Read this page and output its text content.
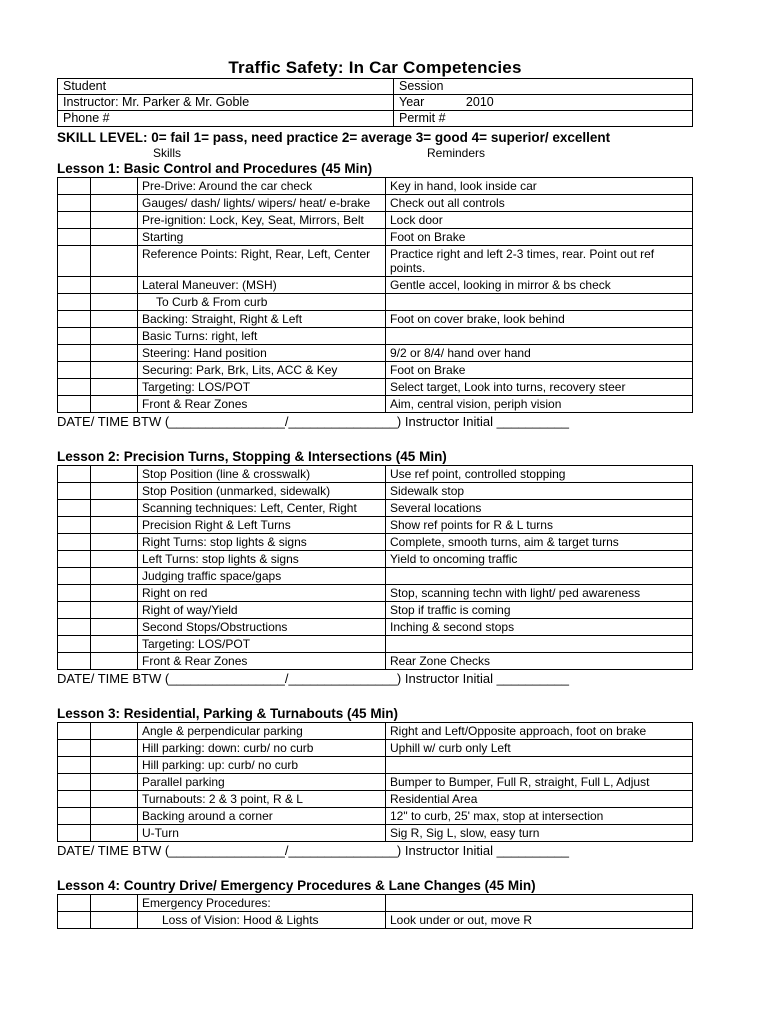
Traffic Safety: In Car Competencies
Student	Session
Instructor: Mr. Parker & Mr. Goble	Year            2010
Phone #	Permit #
SKILL LEVEL: 0= fail 1= pass, need practice 2= average 3= good 4= superior/ excellent
Skills	Reminders
Lesson 1: Basic Control and Procedures (45 Min)
		Pre-Drive: Around the car check	Key in hand, look inside car
		Gauges/ dash/ lights/ wipers/ heat/ e-brake	Check out all controls
		Pre-ignition: Lock, Key, Seat, Mirrors, Belt	Lock door
		Starting	Foot on Brake
		Reference Points: Right, Rear, Left, Center	Practice right and left 2-3 times, rear. Point out ref points.
		Lateral Maneuver: (MSH)	Gentle accel, looking in mirror & bs check
		To Curb & From curb	
		Backing: Straight, Right & Left	Foot on cover brake, look behind
		Basic Turns: right, left	
		Steering: Hand position	9/2 or 8/4/ hand over hand
		Securing: Park, Brk, Lits, ACC & Key	Foot on Brake
		Targeting: LOS/POT	Select target, Look into turns, recovery steer
		Front & Rear Zones	Aim, central vision, periph vision
DATE/ TIME BTW (________________/_______________) Instructor Initial __________
Lesson 2: Precision Turns, Stopping & Intersections (45 Min)
		Stop Position (line & crosswalk)	Use ref point, controlled stopping
		Stop Position (unmarked, sidewalk)	Sidewalk stop
		Scanning techniques: Left, Center, Right	Several locations
		Precision Right & Left Turns	Show ref points for R & L turns
		Right Turns: stop lights & signs	Complete, smooth turns, aim & target turns
		Left Turns: stop lights & signs	Yield to oncoming traffic
		Judging traffic space/gaps	
		Right on red	Stop, scanning techn with light/ ped awareness
		Right of way/Yield	Stop if traffic is coming
		Second Stops/Obstructions	Inching & second stops
		Targeting: LOS/POT	
		Front & Rear Zones	Rear Zone Checks
DATE/ TIME BTW (________________/_______________) Instructor Initial __________
Lesson 3: Residential, Parking & Turnabouts (45 Min)
		Angle & perpendicular parking	Right and Left/Opposite approach, foot on brake
		Hill parking: down: curb/ no curb	Uphill w/ curb only Left
		Hill parking: up: curb/ no curb	
		Parallel parking	Bumper to Bumper, Full R, straight, Full L, Adjust
		Turnabouts: 2 & 3 point, R & L	Residential Area
		Backing around a corner	12" to curb, 25' max, stop at intersection
		U-Turn	Sig R, Sig L, slow, easy turn
DATE/ TIME BTW (________________/_______________) Instructor Initial __________
Lesson 4: Country Drive/ Emergency Procedures & Lane Changes (45 Min)
		Emergency Procedures:	
		Loss of Vision: Hood & Lights	Look under or out, move R
